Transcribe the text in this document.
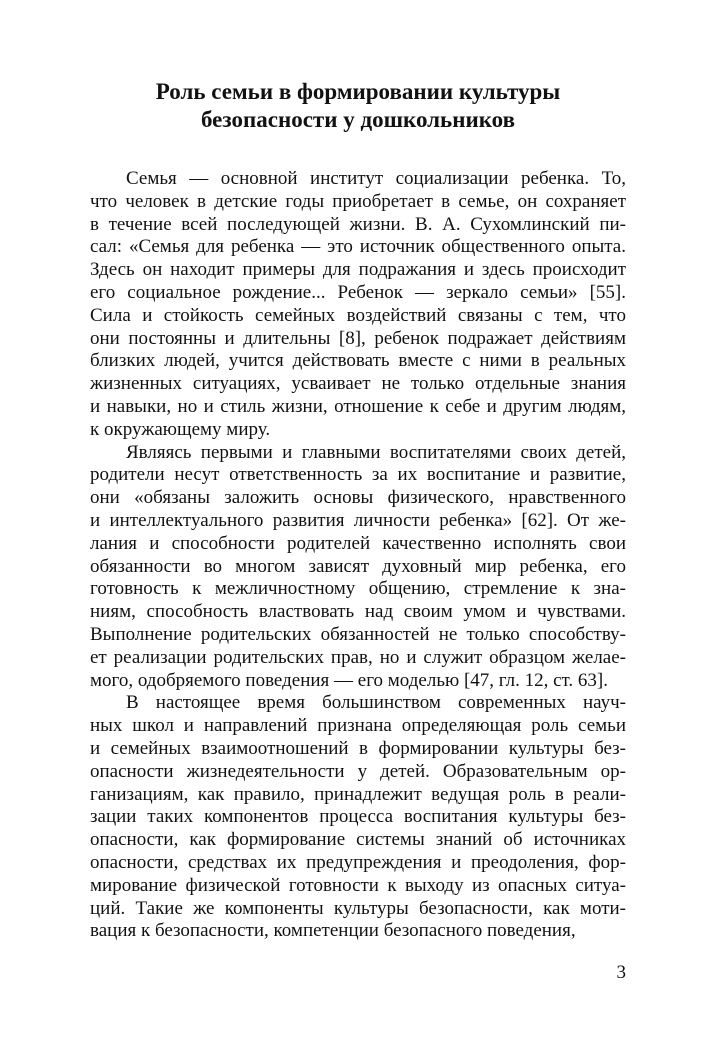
Роль семьи в формировании культуры
безопасности у дошкольников
Семья — основной институт социализации ребенка. То,
что человек в детские годы приобретает в семье, он сохраняет
в течение всей последующей жизни. В. А. Сухомлинский пи-
сал: «Семья для ребенка — это источник общественного опыта.
Здесь он находит примеры для подражания и здесь происходит
его социальное рождение... Ребенок — зеркало семьи» [55].
Сила и стойкость семейных воздействий связаны с тем, что
они постоянны и длительны [8], ребенок подражает действиям
близких людей, учится действовать вместе с ними в реальных
жизненных ситуациях, усваивает не только отдельные знания
и навыки, но и стиль жизни, отношение к себе и другим людям,
к окружающему миру.
Являясь первыми и главными воспитателями своих детей,
родители несут ответственность за их воспитание и развитие,
они «обязаны заложить основы физического, нравственного
и интеллектуального развития личности ребенка» [62]. От же-
лания и способности родителей качественно исполнять свои
обязанности во многом зависят духовный мир ребенка, его
готовность к межличностному общению, стремление к зна-
ниям, способность властвовать над своим умом и чувствами.
Выполнение родительских обязанностей не только способству-
ет реализации родительских прав, но и служит образцом желае-
мого, одобряемого поведения — его моделью [47, гл. 12, ст. 63].
В настоящее время большинством современных науч-
ных школ и направлений признана определяющая роль семьи
и семейных взаимоотношений в формировании культуры без-
опасности жизнедеятельности у детей. Образовательным ор-
ганизациям, как правило, принадлежит ведущая роль в реали-
зации таких компонентов процесса воспитания культуры без-
опасности, как формирование системы знаний об источниках
опасности, средствах их предупреждения и преодоления, фор-
мирование физической готовности к выходу из опасных ситуа-
ций. Такие же компоненты культуры безопасности, как моти-
вация к безопасности, компетенции безопасного поведения,
3
